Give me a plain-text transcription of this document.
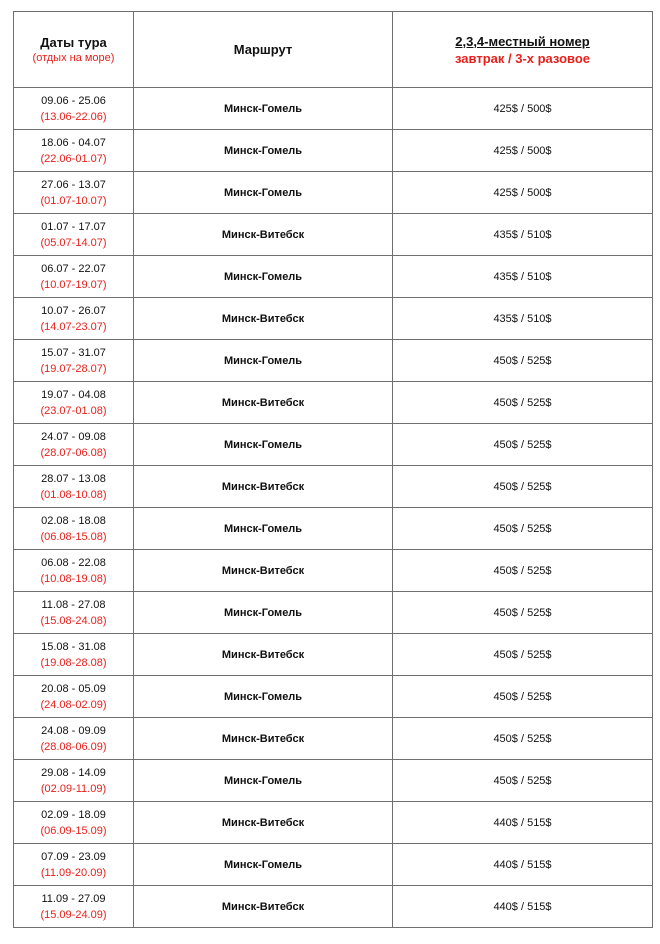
Даты тура
(отдых на море)	Маршрут	2,3,4-местный номер
завтрак / 3-х разовое

09.06 - 25.06
(13.06-22.06)	Минск-Гомель	425$ / 500$

18.06 - 04.07
(22.06-01.07)	Минск-Гомель	425$ / 500$

27.06 - 13.07
(01.07-10.07)	Минск-Гомель	425$ / 500$

01.07 - 17.07
(05.07-14.07)	Минск-Витебск	435$ / 510$

06.07 - 22.07
(10.07-19.07)	Минск-Гомель	435$ / 510$

10.07 - 26.07
(14.07-23.07)	Минск-Витебск	435$ / 510$

15.07 - 31.07
(19.07-28.07)	Минск-Гомель	450$ / 525$

19.07 - 04.08
(23.07-01.08)	Минск-Витебск	450$ / 525$

24.07 - 09.08
(28.07-06.08)	Минск-Гомель	450$ / 525$

28.07 - 13.08
(01.08-10.08)	Минск-Витебск	450$ / 525$

02.08 - 18.08
(06.08-15.08)	Минск-Гомель	450$ / 525$

06.08 - 22.08
(10.08-19.08)	Минск-Витебск	450$ / 525$

11.08 - 27.08
(15.08-24.08)	Минск-Гомель	450$ / 525$

15.08 - 31.08
(19.08-28.08)	Минск-Витебск	450$ / 525$

20.08 - 05.09
(24.08-02.09)	Минск-Гомель	450$ / 525$

24.08 - 09.09
(28.08-06.09)	Минск-Витебск	450$ / 525$

29.08 - 14.09
(02.09-11.09)	Минск-Гомель	450$ / 525$

02.09 - 18.09
(06.09-15.09)	Минск-Витебск	440$ / 515$

07.09 - 23.09
(11.09-20.09)	Минск-Гомель	440$ / 515$

11.09 - 27.09
(15.09-24.09)	Минск-Витебск	440$ / 515$
